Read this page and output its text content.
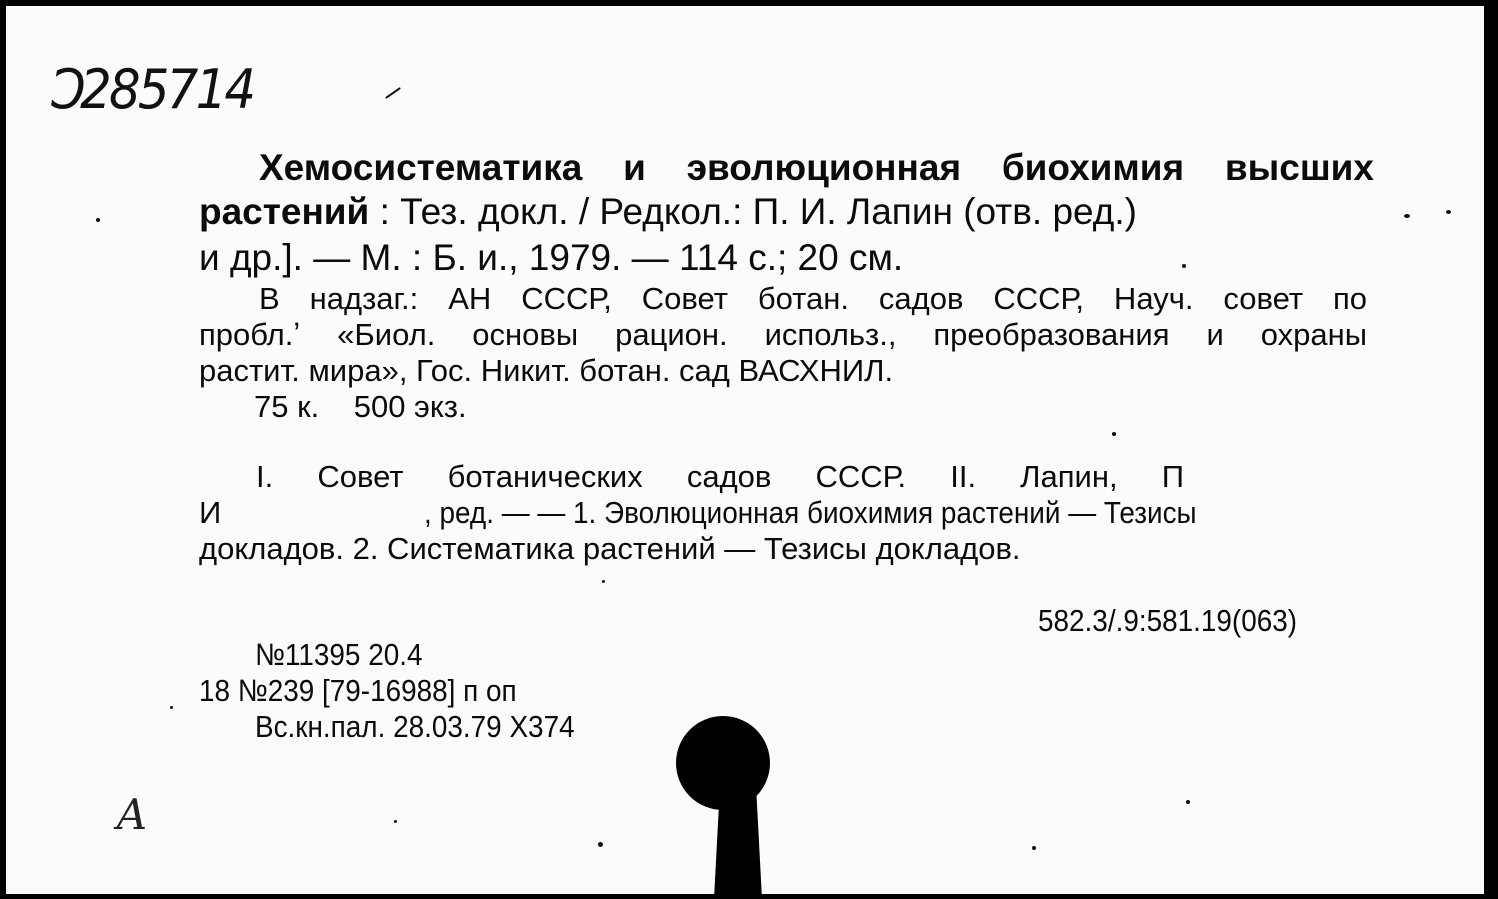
Ɔ285714
Хемосистематика и эволюционная биохимия высших
растений : Тез. докл. / Редкол.: П. И. Лапин (отв. ред.)
и др.]. — М. : Б. и., 1979. — 114 с.; 20 см.
В надзаг.: АН СССР, Совет ботан. садов СССР, Науч. совет по
пробл.ʼ «Биол. основы рацион. использ., преобразования и охраны
растит. мира», Гос. Никит. ботан. сад ВАСХНИЛ.
75 к.    500 экз.
I. Совет ботанических садов СССР. II. Лапин, П
И	, ред. — — 1. Эволюционная биохимия растений — Тезисы
докладов. 2. Систематика растений — Тезисы докладов.
582.3/.9:581.19(063)
№11395 20.4
18 №239 [79-16988] п оп
Вс.кн.пал. 28.03.79 Х374
А
